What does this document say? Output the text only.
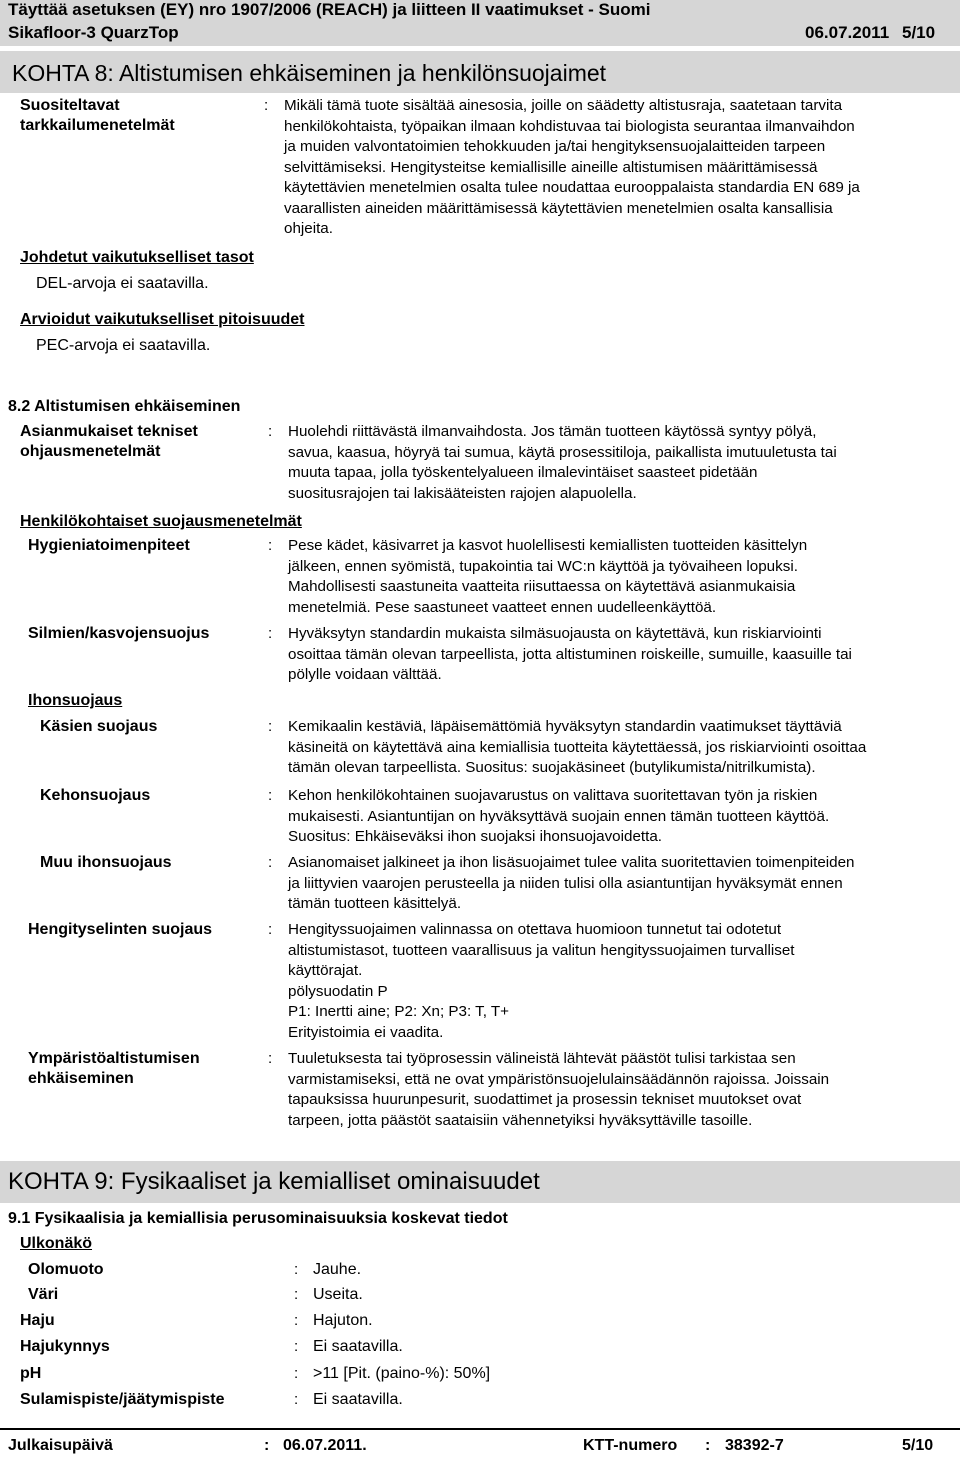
Täyttää asetuksen (EY) nro 1907/2006 (REACH) ja liitteen II vaatimukset - Suomi
Sikafloor-3 QuarzTop	06.07.2011 5/10
KOHTA 8: Altistumisen ehkäiseminen ja henkilönsuojaimet
Suositeltavat
tarkkailumenetelmät
: Mikäli tämä tuote sisältää ainesosia, joille on säädetty altistusraja, saatetaan tarvita
henkilökohtaista, työpaikan ilmaan kohdistuvaa tai biologista seurantaa ilmanvaihdon
ja muiden valvontatoimien tehokkuuden ja/tai hengityksensuojalaitteiden tarpeen
selvittämiseksi. Hengitysteitse kemiallisille aineille altistumisen määrittämisessä
käytettävien menetelmien osalta tulee noudattaa eurooppalaista standardia EN 689 ja
vaarallisten aineiden määrittämisessä käytettävien menetelmien osalta kansallisia
ohjeita.
Johdetut vaikutukselliset tasot
DEL-arvoja ei saatavilla.
Arvioidut vaikutukselliset pitoisuudet
PEC-arvoja ei saatavilla.
8.2 Altistumisen ehkäiseminen
Asianmukaiset tekniset
ohjausmenetelmät
: Huolehdi riittävästä ilmanvaihdosta. Jos tämän tuotteen käytössä syntyy pölyä,
savua, kaasua, höyryä tai sumua, käytä prosessitiloja, paikallista imutuuletusta tai
muuta tapaa, jolla työskentelyalueen ilmalevintäiset saasteet pidetään
suositusrajojen tai lakisääteisten rajojen alapuolella.
Henkilökohtaiset suojausmenetelmät
Hygieniatoimenpiteet	: Pese kädet, käsivarret ja kasvot huolellisesti kemiallisten tuotteiden käsittelyn
jälkeen, ennen syömistä, tupakointia tai WC:n käyttöä ja työvaiheen lopuksi.
Mahdollisesti saastuneita vaatteita riisuttaessa on käytettävä asianmukaisia
menetelmiä. Pese saastuneet vaatteet ennen uudelleenkäyttöä.
Silmien/kasvojensuojus	: Hyväksytyn standardin mukaista silmäsuojausta on käytettävä, kun riskiarviointi
osoittaa tämän olevan tarpeellista, jotta altistuminen roiskeille, sumuille, kaasuille tai
pölylle voidaan välttää.
Ihonsuojaus
Käsien suojaus	: Kemikaalin kestäviä, läpäisemättömiä hyväksytyn standardin vaatimukset täyttäviä
käsineitä on käytettävä aina kemiallisia tuotteita käytettäessä, jos riskiarviointi osoittaa
tämän olevan tarpeellista. Suositus: suojakäsineet (butylikumista/nitrilkumista).
Kehonsuojaus	: Kehon henkilökohtainen suojavarustus on valittava suoritettavan työn ja riskien
mukaisesti. Asiantuntijan on hyväksyttävä suojain ennen tämän tuotteen käyttöä.
Suositus: Ehkäiseväksi ihon suojaksi ihonsuojavoidetta.
Muu ihonsuojaus	: Asianomaiset jalkineet ja ihon lisäsuojaimet tulee valita suoritettavien toimenpiteiden
ja liittyvien vaarojen perusteella ja niiden tulisi olla asiantuntijan hyväksymät ennen
tämän tuotteen käsittelyä.
Hengityselinten suojaus	: Hengityssuojaimen valinnassa on otettava huomioon tunnetut tai odotetut
altistumistasot, tuotteen vaarallisuus ja valitun hengityssuojaimen turvalliset
käyttörajat.
pölysuodatin P
P1: Inertti aine; P2: Xn; P3: T, T+
Erityistoimia ei vaadita.
Ympäristöaltistumisen
ehkäiseminen
: Tuuletuksesta tai työprosessin välineistä lähtevät päästöt tulisi tarkistaa sen
varmistamiseksi, että ne ovat ympäristönsuojelulainsäädännön rajoissa. Joissain
tapauksissa huurunpesurit, suodattimet ja prosessin tekniset muutokset ovat
tarpeen, jotta päästöt saataisiin vähennetyiksi hyväksyttäville tasoille.
KOHTA 9: Fysikaaliset ja kemialliset ominaisuudet
9.1 Fysikaalisia ja kemiallisia perusominaisuuksia koskevat tiedot
Ulkonäkö
Olomuoto	: Jauhe.
Väri	: Useita.
Haju	: Hajuton.
Hajukynnys	: Ei saatavilla.
pH	: >11 [Pit. (paino-%): 50%]
Sulamispiste/jäätymispiste	: Ei saatavilla.
Julkaisupäivä	: 06.07.2011.	KTT-numero : 38392-7	5/10
